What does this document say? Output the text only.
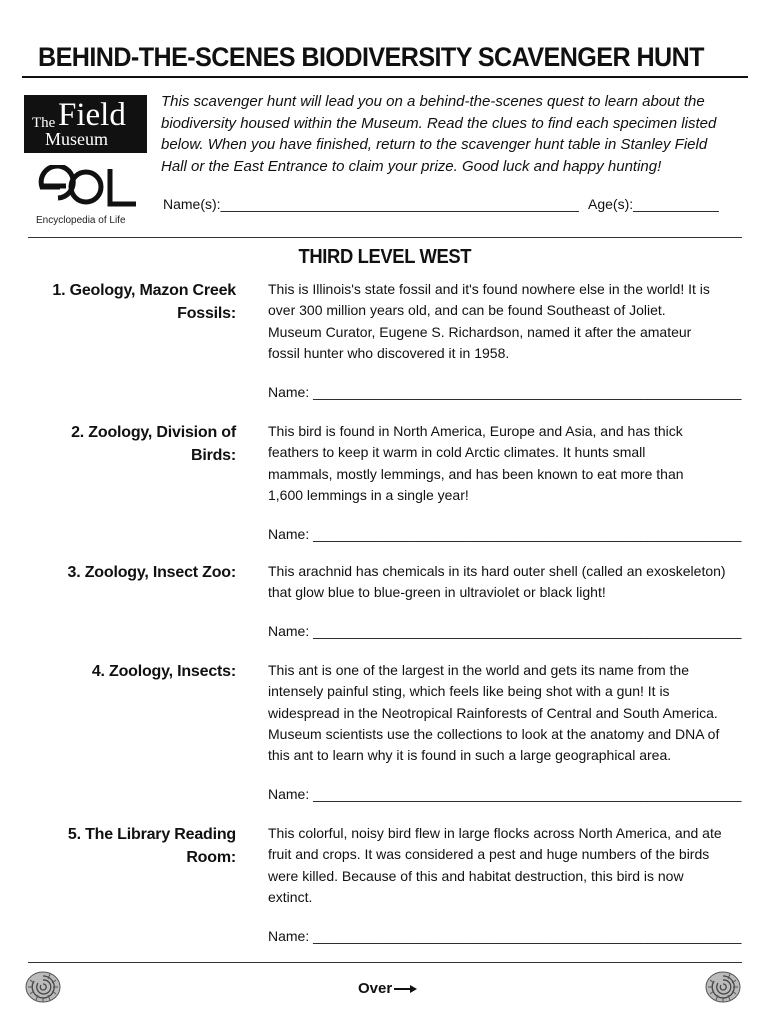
BEHIND-THE-SCENES BIODIVERSITY SCAVENGER HUNT
The Field
Museum
Encyclopedia of Life

This scavenger hunt will lead you on a behind-the-scenes quest to learn about the

biodiversity housed within the Museum. Read the clues to find each specimen listed

below. When you have finished, return to the scavenger hunt table in Stanley Field

Hall or the East Entrance to claim your prize. Good luck and happy hunting!

Name(s):______________________________________________ Age(s):___________
THIRD LEVEL WEST
1. Geology, Mazon Creek
Fossils:

This is Illinois's state fossil and it's found nowhere else in the world! It is

over 300 million years old, and can be found Southeast of Joliet.

Museum Curator, Eugene S. Richardson, named it after the amateur

fossil hunter who discovered it in 1958.

Name: _______________________________________________________
2. Zoology, Division of
Birds:

This bird is found in North America, Europe and Asia, and has thick

feathers to keep it warm in cold Arctic climates. It hunts small

mammals, mostly lemmings, and has been known to eat more than

1,600 lemmings in a single year!

Name: _______________________________________________________
3. Zoology, Insect Zoo: This arachnid has chemicals in its hard outer shell (called an exoskeleton)

that glow blue to blue-green in ultraviolet or black light!

Name: _______________________________________________________
4. Zoology, Insects: This ant is one of the largest in the world and gets its name from the

intensely painful sting, which feels like being shot with a gun! It is

widespread in the Neotropical Rainforests of Central and South America.

Museum scientists use the collections to look at the anatomy and DNA of

this ant to learn why it is found in such a large geographical area.

Name: _______________________________________________________
5. The Library Reading
Room:

This colorful, noisy bird flew in large flocks across North America, and ate

fruit and crops. It was considered a pest and huge numbers of the birds

were killed. Because of this and habitat destruction, this bird is now

extinct.

Name: _______________________________________________________
Over
